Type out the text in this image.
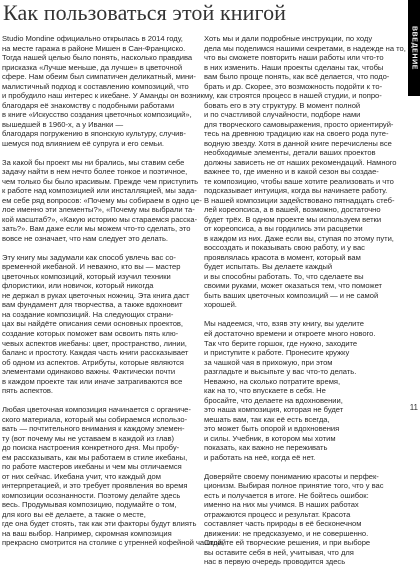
Как пользоваться этой книгой
ВВЕДЕНИЕ

Studio Mondine официально открылась в 2014 году,

на месте гаража в районе Мишен в Сан-Франциско.

Тогда нашей целью было понять, насколько правдива

присказка «Лучше меньше, да лучше» в цветочной

сфере. Нам обеим был симпатичен деликатный, мини-

малистичный подход к составлению композиций, что

и пробудило наш интерес к икебане. У Аманды он возник

благодаря её знакомству с подобными работами

в книге «Искусство создания цветочных композиций»,

вышедшей в 1960-х, а у Иванки —

благодаря погружению в японскую культуру, случив-

шемуся под влиянием её супруга и его семьи.

За какой бы проект мы ни брались, мы ставим себе

задачу найти в нем нечто более тонкое и поэтичное,

чем только бы было красивым. Прежде чем приступить

к работе над композицией или инсталляцией, мы зада-

ем себе ряд вопросов: «Почему мы собираем в одно це-

лое именно эти элементы?», «Почему мы выбрали та-

кой масштаб?», «Какую историю мы стараемся расска-

зать?». Вам даже если мы можем что-то сделать, это

вовсе не означает, что нам следует это делать.

Эту книгу мы задумали как способ увлечь вас со-

временной икебаной. И неважно, кто вы — мастер

цветочных композиций, который изучил техники

флористики, или новичок, который никогда

не держал в руках цветочных ножниц. Эта книга даст

вам фундамент для творчества, а также вдохновит

на создание композиций. На следующих страни-

цах вы найдёте описания семи основных проектов,

создание которых поможет вам освоить пять клю-

чевых аспектов икебаны: цвет, пространство, линии,

баланс и простоту. Каждая часть книги рассказывает

об одном из аспектов. Атрибуты, которые являются

элементами одинаково важны. Фактически почти

в каждом проекте так или иначе затрагиваются все

пять аспектов.

Любая цветочная композиция начинается с органиче-

ского материала, который мы собираемся использо-

вать — почтительного внимания к каждому элемен-

ту (вот почему мы не уставаем в каждой из глав)

до поиска настроения конкретного дня. Мы пробу-

ем рассказывать, как мы работаем в стиле икебаны,

по работе мастеров икебаны и чем мы отличаемся

от них сейчас. Икебана учит, что каждый дом

интерпретацией, и это требует проявления во время

композиции осознанности. Поэтому делайте здесь

весь. Продумывая композицию, подумайте о том,

для кого вы её делаете, а также о месте,

где она будет стоять, так как эти факторы будут влиять

на ваш выбор. Например, скромная композиция

прекрасно смотрится на столике с утренней кофейной чашкой,

Хоть мы и дали подробные инструкции, по ходу

дела мы поделимся нашими секретами, в надежде на то,

что вы сможете повторить наши работы или что-то

в них изменить. Наши проекты сделаны так, чтобы

вам было проще понять, как всё делается, что подо-

брать и др. Скорее, это возможность подойти к то-

му, как строятся процесс в нашей студии, и попро-

бовать его в эту структуру. В момент полной

и по счастливой случайности, подборе нами

для творческого самовыражения, просто ориентируй-

тесь на древнюю традицию как на своего рода путе-

водную звезду. Хотя в данной книге перечислены все

необходимые элементы, детали ваших проектов

должны зависеть не от наших рекомендаций. Намного

важнее то, где именно и в какой сезон вы создае-

те композицию, чтобы ваше хотите реализовать и что

подсказывает интуиция, когда вы начинаете работу.

В нашей композиции задействовано пятнадцать стеб-

лей кореопсиса, а в вашей, возможно, достаточно

будет трёх. В одном проекте мы используем ветки

от кореопсиса, а вы гордились эти расцветки

в каждом из них. Даже если вы, ступая по этому пути,

воссоздать и показывать свою работу, и у вас

проявлялась красота в момент, который вам

будет испытать. Вы делаете каждый

и вы способны работать. То, что сделаете вы

своими руками, может оказаться тем, что поможет

быть ваших цветочных композиций — и не самой

хорошей.

Мы надеемся, что, взяв эту книгу, вы уделите

ей достаточно времени и откроете много нового.

Так что берите горшок, где нужно, заходите

и приступите к работе. Пронесите кружку

за чашкой чая в прихожую, при этом

разгладьте и высыпьте у вас что-то делать.

Неважно, на сколько потратите время,

как на то, что впускаете в себя. Не

бросайте, что делаете на вдохновении,

это наша композиция, которая не будет

мешать вам, так как её есть всегда,

это может быть опорой и вдохновения

и силы. Учебник, в котором мы хотим

показать, как важно не переживать

и работать на неё, когда её нет.

Доверяйте своему пониманию красоты и перфек-

ционизм. Выбирая полное принятие того, что у вас

есть и получается в итоге. Не бойтесь ошибок:

именно на них мы учимся. В наших работах

отражаются процесс и результат. Красота

составляет часть природы в её бесконечном

движении: не предсказуемо, и не совершенно.

Отдайте ей творческие решения, и при выборе

вы оставите себя в ней, учитывая, что для

нас в первую очередь проводится здесь

11
